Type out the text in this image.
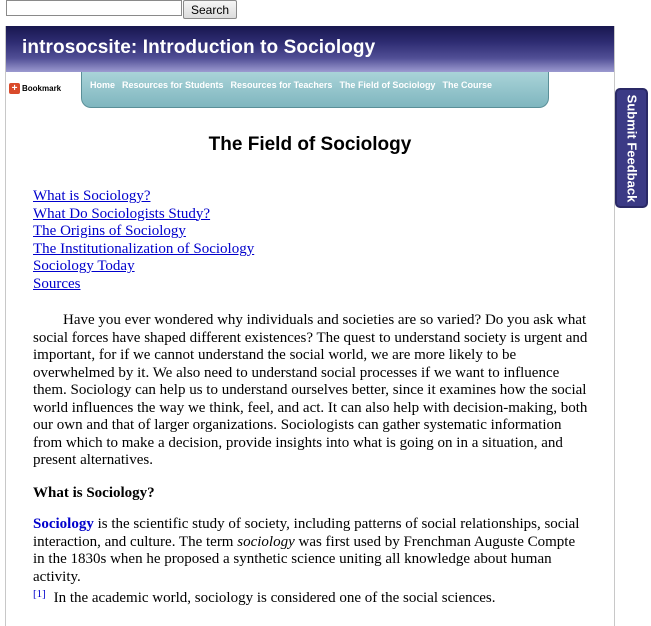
Search
introsocsite: Introduction to Sociology
+ Bookmark	Home Resources for Students Resources for Teachers The Field of Sociology The Course
The Field of Sociology
What is Sociology?
What Do Sociologists Study?
The Origins of Sociology
The Institutionalization of Sociology
Sociology Today
Sources
Have you ever wondered why individuals and societies are so varied? Do you ask what social forces have shaped different existences? The quest to understand society is urgent and important, for if we cannot understand the social world, we are more likely to be overwhelmed by it. We also need to understand social processes if we want to influence them. Sociology can help us to understand ourselves better, since it examines how the social world influences the way we think, feel, and act. It can also help with decision-making, both our own and that of larger organizations. Sociologists can gather systematic information from which to make a decision, provide insights into what is going on in a situation, and present alternatives.
What is Sociology?
Sociology is the scientific study of society, including patterns of social relationships, social interaction, and culture. The term sociology was first used by Frenchman Auguste Compte in the 1830s when he proposed a synthetic science uniting all knowledge about human activity.
[1] In the academic world, sociology is considered one of the social sciences.
Submit Feedback
